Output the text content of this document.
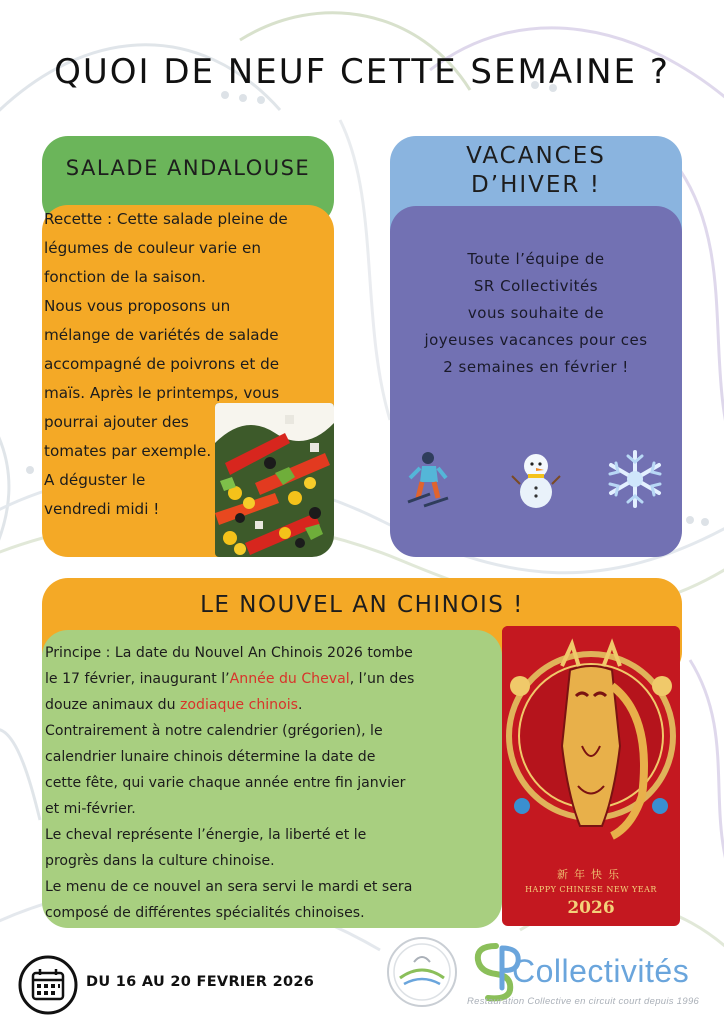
QUOI DE NEUF CETTE SEMAINE ?
SALADE ANDALOUSE
Recette : Cette salade pleine de
légumes de couleur varie en
fonction de la saison.
Nous vous proposons un
mélange de variétés de salade
accompagné de poivrons et de
maïs. Après le printemps, vous
pourrai ajouter des
tomates par exemple.
A déguster le
vendredi midi !
VACANCES
D’HIVER !
Toute l’équipe de
SR Collectivités
vous souhaite de
joyeuses vacances pour ces
2 semaines en février !
LE NOUVEL AN CHINOIS !
Principe : La date du Nouvel An Chinois 2026 tombe
le 17 février, inaugurant l’Année du Cheval, l’un des
douze animaux du zodiaque chinois.
Contrairement à notre calendrier (grégorien), le
calendrier lunaire chinois détermine la date de
cette fête, qui varie chaque année entre fin janvier
et mi-février.
Le cheval représente l’énergie, la liberté et le
progrès dans la culture chinoise.
Le menu de ce nouvel an sera servi le mardi et sera
composé de différentes spécialités chinoises.
新年快乐
HAPPY CHINESE NEW YEAR
2026
DU 16 AU 20 FEVRIER 2026	Collectivités
Restauration Collective en circuit court depuis 1996
